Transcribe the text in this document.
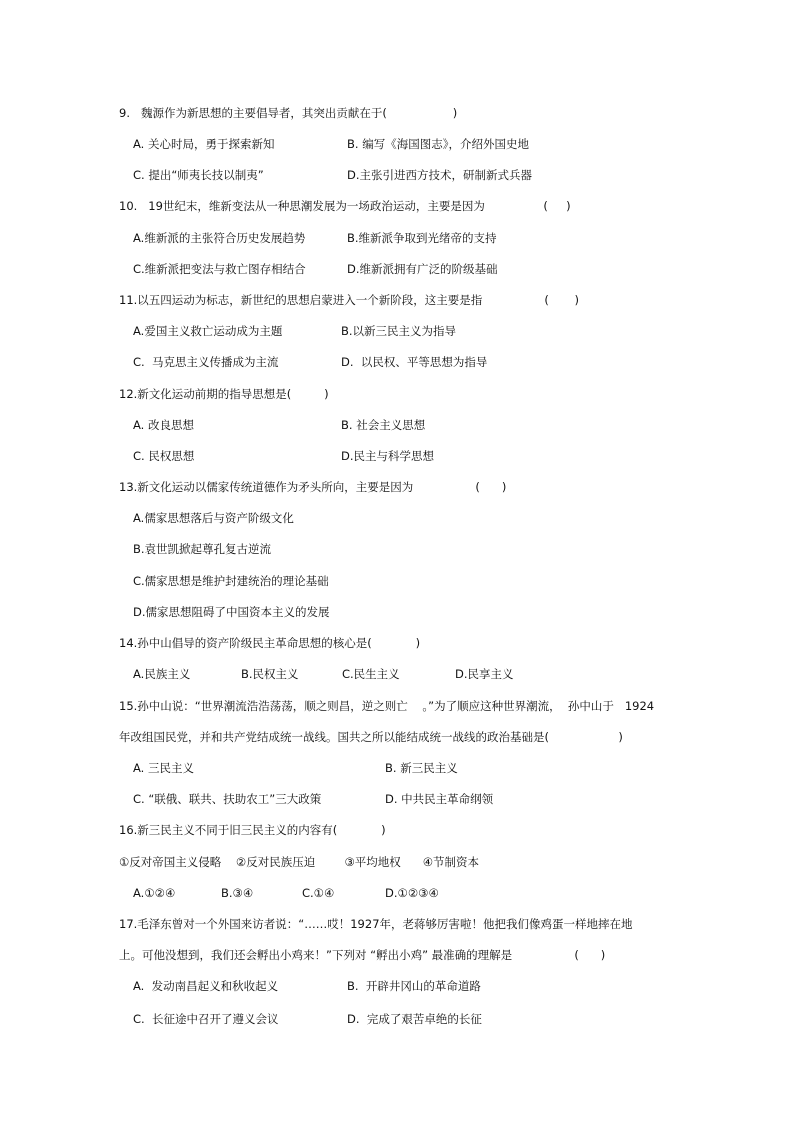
9.   魏源作为新思想的主要倡导者，其突出贡献在于(                  )
A. 关心时局，勇于探索新知	B. 编写《海国图志》，介绍外国史地
C. 提出“师夷长技以制夷”	D.主张引进西方技术，研制新式兵器
10.   19世纪末，维新变法从一种思潮发展为一场政治运动，主要是因为                (     )
A.维新派的主张符合历史发展趋势	B.维新派争取到光绪帝的支持
C.维新派把变法与救亡图存相结合	D.维新派拥有广泛的阶级基础
11.以五四运动为标志，新世纪的思想启蒙进入一个新阶段，这主要是指                 (       )
A.爱国主义救亡运动成为主题	B.以新三民主义为指导
C.  马克思主义传播成为主流	D.  以民权、平等思想为指导
12.新文化运动前期的指导思想是(         )
A. 改良思想	B. 社会主义思想
C. 民权思想	D.民主与科学思想
13.新文化运动以儒家传统道德作为矛头所向，主要是因为                 (      )
A.儒家思想落后与资产阶级文化
B.袁世凯掀起尊孔复古逆流
C.儒家思想是维护封建统治的理论基础
D.儒家思想阻碍了中国资本主义的发展
14.孙中山倡导的资产阶级民主革命思想的核心是(            )
A.民族主义	B.民权主义	C.民生主义	D.民享主义
15.孙中山说：“世界潮流浩浩荡荡，顺之则昌，逆之则亡    。”为了顺应这种世界潮流，  孙中山于   1924
年改组国民党，并和共产党结成统一战线。国共之所以能结成统一战线的政治基础是(                   )
A. 三民主义	B. 新三民主义
C. “联俄、联共、扶助农工”三大政策	D. 中共民主革命纲领
16.新三民主义不同于旧三民主义的内容有(            )
①反对帝国主义侵略    ②反对民族压迫        ③平均地权      ④节制资本
A.①②④	B.③④	C.①④	D.①②③④
17.毛泽东曾对一个外国来访者说：“……哎！1927年，老蒋够厉害啦！他把我们像鸡蛋一样地摔在地
上。可他没想到，我们还会孵出小鸡来！”下列对 “孵出小鸡” 最准确的理解是                 (      )
A.  发动南昌起义和秋收起义	B.  开辟井冈山的革命道路
C.  长征途中召开了遵义会议	D.  完成了艰苦卓绝的长征
